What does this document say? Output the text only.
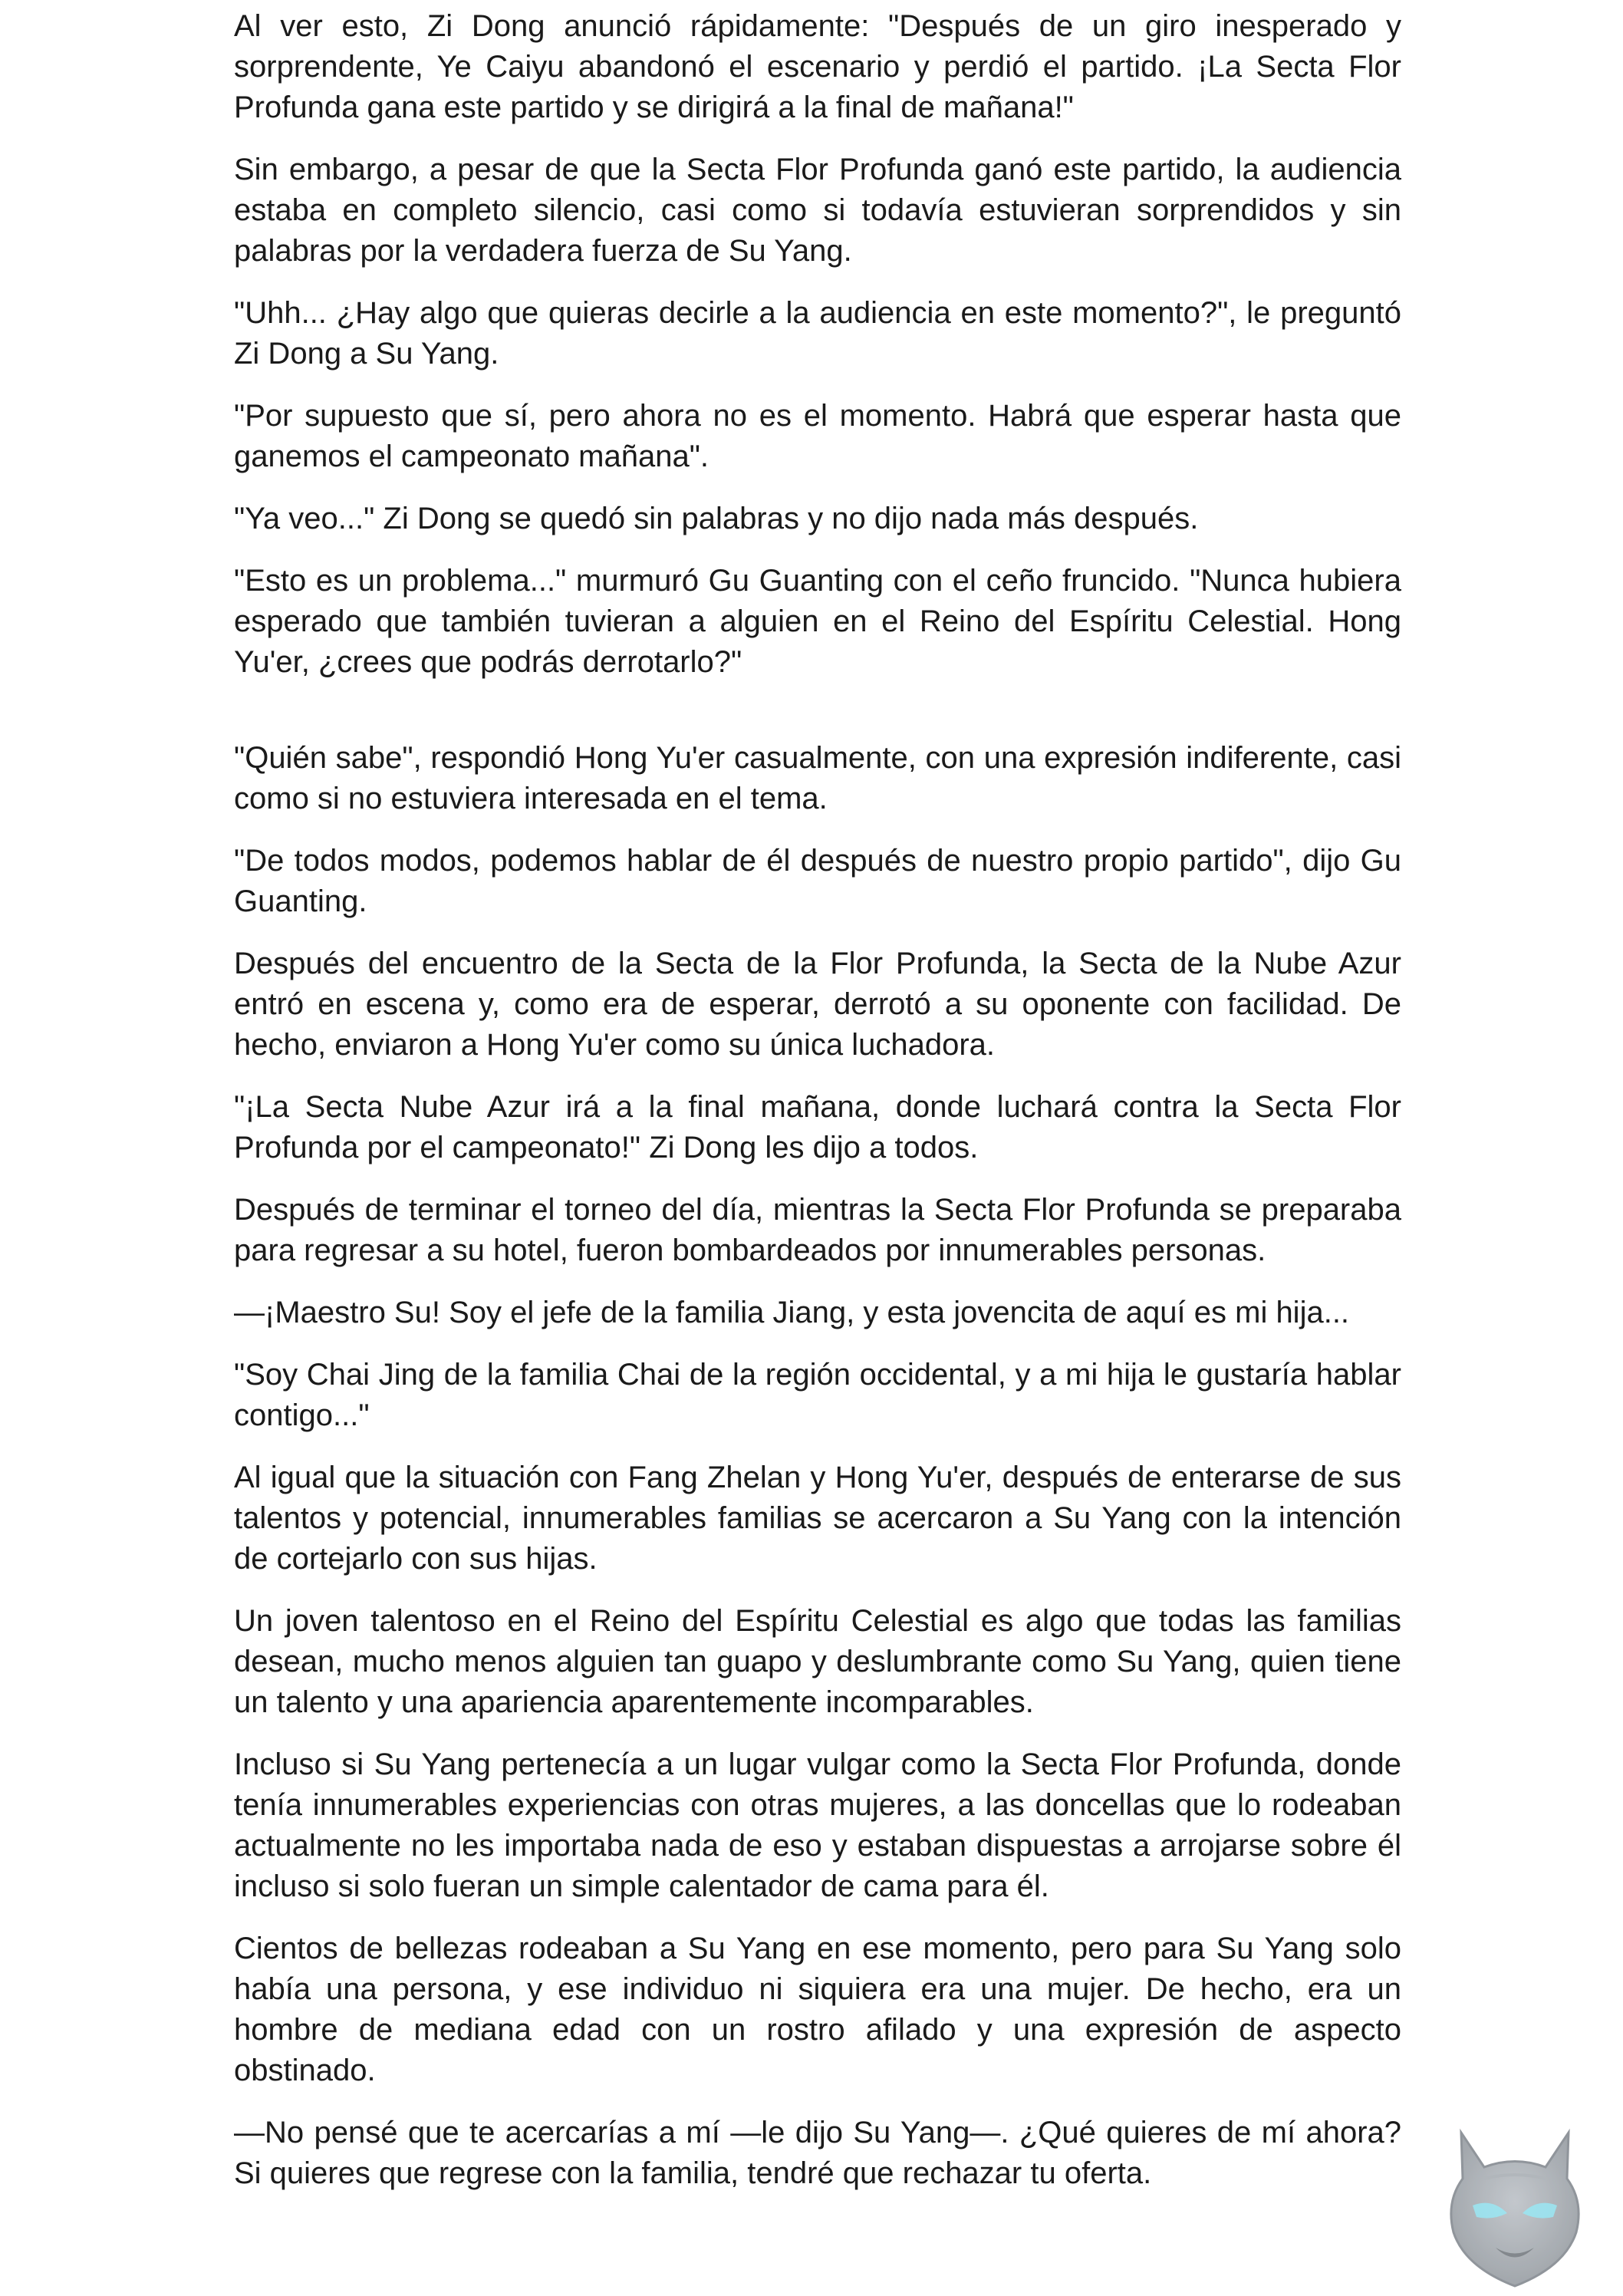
Al ver esto, Zi Dong anunció rápidamente: "Después de un giro inesperado y sorprendente, Ye Caiyu abandonó el escenario y perdió el partido. ¡La Secta Flor Profunda gana este partido y se dirigirá a la final de mañana!"

Sin embargo, a pesar de que la Secta Flor Profunda ganó este partido, la audiencia estaba en completo silencio, casi como si todavía estuvieran sorprendidos y sin palabras por la verdadera fuerza de Su Yang.

"Uhh... ¿Hay algo que quieras decirle a la audiencia en este momento?", le preguntó Zi Dong a Su Yang.

"Por supuesto que sí, pero ahora no es el momento. Habrá que esperar hasta que ganemos el campeonato mañana".

"Ya veo..." Zi Dong se quedó sin palabras y no dijo nada más después.

"Esto es un problema..." murmuró Gu Guanting con el ceño fruncido. "Nunca hubiera esperado que también tuvieran a alguien en el Reino del Espíritu Celestial. Hong Yu'er, ¿crees que podrás derrotarlo?"

"Quién sabe", respondió Hong Yu'er casualmente, con una expresión indiferente, casi como si no estuviera interesada en el tema.

"De todos modos, podemos hablar de él después de nuestro propio partido", dijo Gu Guanting.

Después del encuentro de la Secta de la Flor Profunda, la Secta de la Nube Azur entró en escena y, como era de esperar, derrotó a su oponente con facilidad. De hecho, enviaron a Hong Yu'er como su única luchadora.

"¡La Secta Nube Azur irá a la final mañana, donde luchará contra la Secta Flor Profunda por el campeonato!" Zi Dong les dijo a todos.

Después de terminar el torneo del día, mientras la Secta Flor Profunda se preparaba para regresar a su hotel, fueron bombardeados por innumerables personas.

—¡Maestro Su! Soy el jefe de la familia Jiang, y esta jovencita de aquí es mi hija...

"Soy Chai Jing de la familia Chai de la región occidental, y a mi hija le gustaría hablar contigo..."

Al igual que la situación con Fang Zhelan y Hong Yu'er, después de enterarse de sus talentos y potencial, innumerables familias se acercaron a Su Yang con la intención de cortejarlo con sus hijas.

Un joven talentoso en el Reino del Espíritu Celestial es algo que todas las familias desean, mucho menos alguien tan guapo y deslumbrante como Su Yang, quien tiene un talento y una apariencia aparentemente incomparables.

Incluso si Su Yang pertenecía a un lugar vulgar como la Secta Flor Profunda, donde tenía innumerables experiencias con otras mujeres, a las doncellas que lo rodeaban actualmente no les importaba nada de eso y estaban dispuestas a arrojarse sobre él incluso si solo fueran un simple calentador de cama para él.

Cientos de bellezas rodeaban a Su Yang en ese momento, pero para Su Yang solo había una persona, y ese individuo ni siquiera era una mujer. De hecho, era un hombre de mediana edad con un rostro afilado y una expresión de aspecto obstinado.

—No pensé que te acercarías a mí —le dijo Su Yang—. ¿Qué quieres de mí ahora? Si quieres que regrese con la familia, tendré que rechazar tu oferta.
